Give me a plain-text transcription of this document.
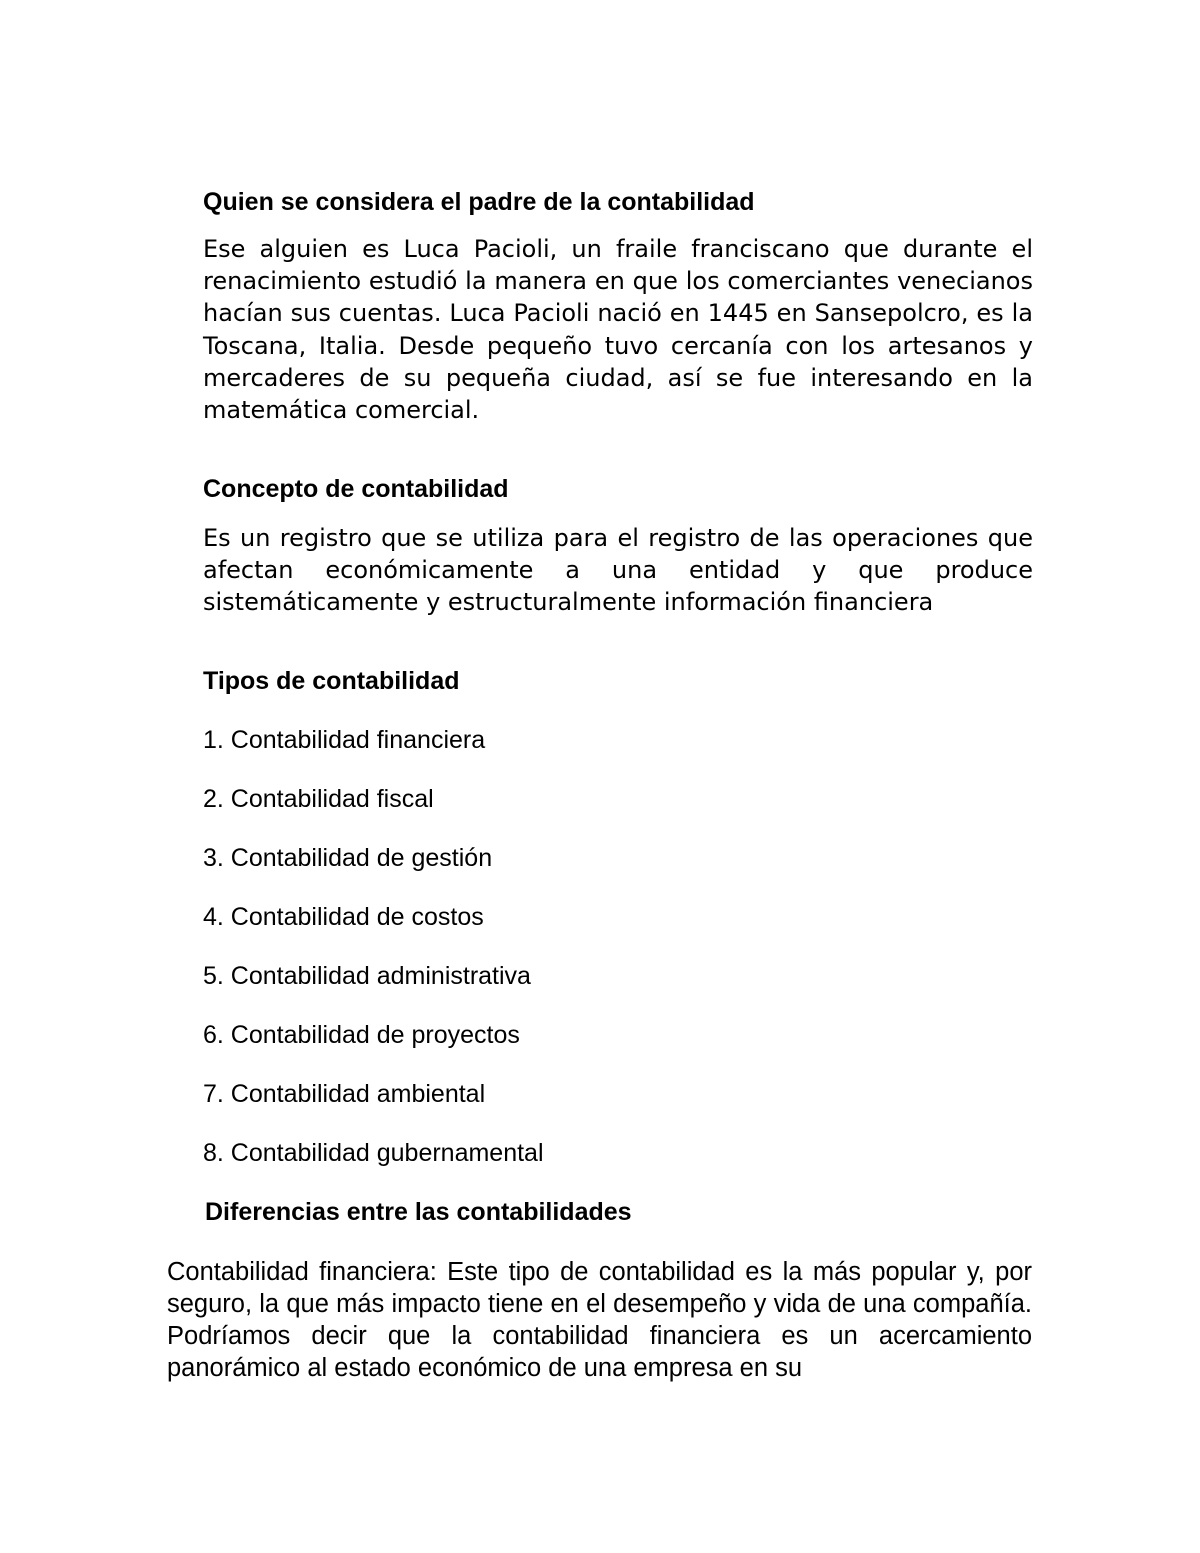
Quien se considera el padre de la contabilidad

Ese alguien es Luca Pacioli, un fraile franciscano que durante el renacimiento estudió la manera en que los comerciantes venecianos hacían sus cuentas. Luca Pacioli nació en 1445 en Sansepolcro, es la Toscana, Italia. Desde pequeño tuvo cercanía con los artesanos y mercaderes de su pequeña ciudad, así se fue interesando en la matemática comercial.

Concepto de contabilidad

Es un registro que se utiliza para el registro de las operaciones que afectan económicamente a una entidad y que produce sistemáticamente y estructuralmente información financiera

Tipos de contabilidad
1. Contabilidad financiera
2. Contabilidad fiscal
3. Contabilidad de gestión
4. Contabilidad de costos
5. Contabilidad administrativa
6. Contabilidad de proyectos
7. Contabilidad ambiental
8. Contabilidad gubernamental
Diferencias entre las contabilidades

Contabilidad financiera: Este tipo de contabilidad es la más popular y, por seguro, la que más impacto tiene en el desempeño y vida de una compañía. Podríamos decir que la contabilidad financiera es un acercamiento panorámico al estado económico de una empresa en su
